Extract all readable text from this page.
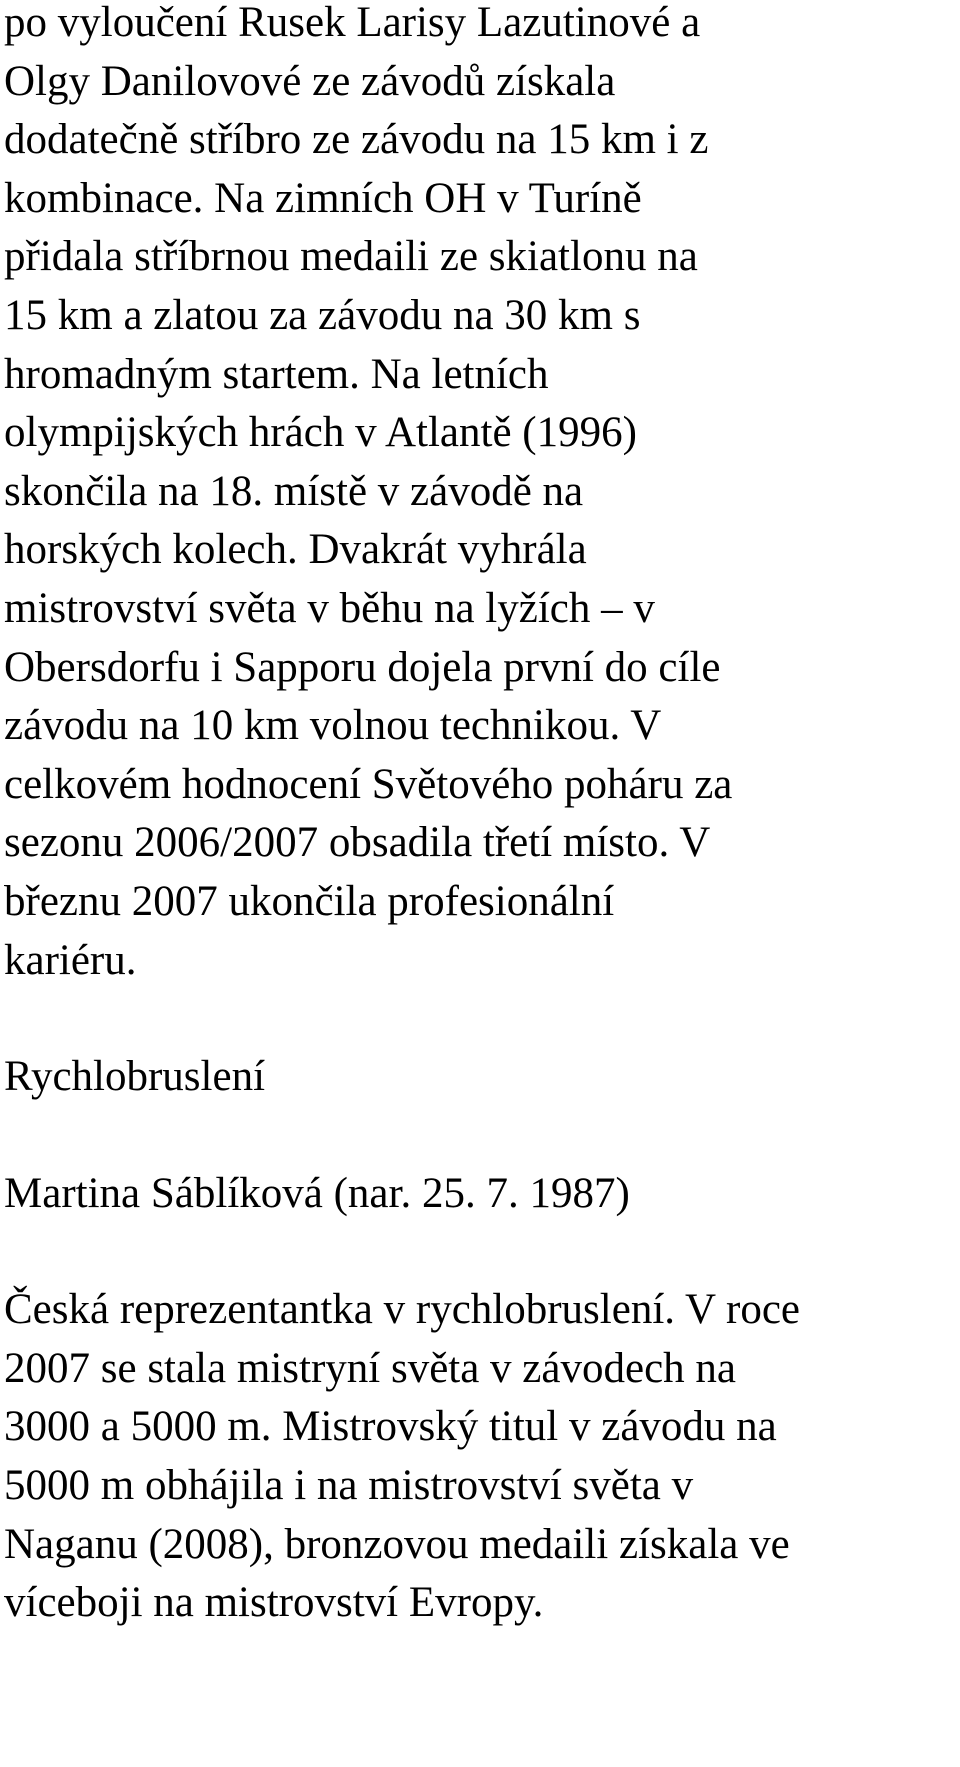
po vyloučení Rusek Larisy Lazutinové a
Olgy Danilovové ze závodů získala
dodatečně stříbro ze závodu na 15 km i z
kombinace. Na zimních OH v Turíně
přidala stříbrnou medaili ze skiatlonu na
15 km a zlatou za závodu na 30 km s
hromadným startem. Na letních
olympijských hrách v Atlantě (1996)
skončila na 18. místě v závodě na
horských kolech. Dvakrát vyhrála
mistrovství světa v běhu na lyžích – v
Obersdorfu i Sapporu dojela první do cíle
závodu na 10 km volnou technikou. V
celkovém hodnocení Světového poháru za
sezonu 2006/2007 obsadila třetí místo. V
březnu 2007 ukončila profesionální
kariéru.
Rychlobruslení
Martina Sáblíková (nar. 25. 7. 1987)
Česká reprezentantka v rychlobruslení. V roce
2007 se stala mistryní světa v závodech na
3000 a 5000 m. Mistrovský titul v závodu na
5000 m obhájila i na mistrovství světa v
Naganu (2008), bronzovou medaili získala ve
víceboji na mistrovství Evropy.
